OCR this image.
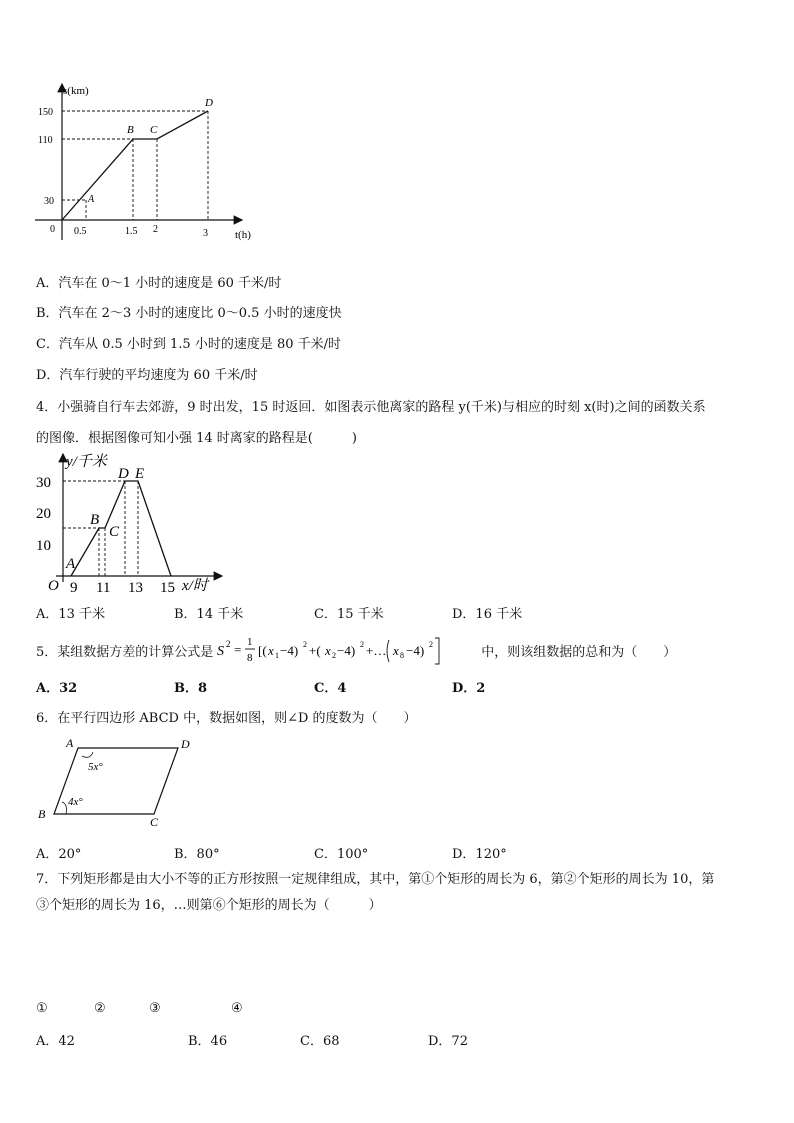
s(km)
t(h)
150
110
30
0 0.5	1.5 2	3
A
B C
D
A．汽车在 0～1 小时的速度是 60 千米/时
B．汽车在 2～3 小时的速度比 0～0.5 小时的速度快
C．汽车从 0.5 小时到 1.5 小时的速度是 80 千米/时
D．汽车行驶的平均速度为 60 千米/时
4．小强骑自行车去郊游，9 时出发，15 时返回．如图表示他离家的路程 y(千米)与相应的时刻 x(时)之间的函数关系
的图像．根据图像可知小强 14 时离家的路程是(　　　)
y/千米
x/时
30
20
10
O 9 11 13 15
A
B
C
D E
A．13 千米	B．14 千米	C．15 千米	D．16 千米
5．某组数据方差的计算公式是 S 2 = 1
8 [( x 1 −4) 2 +( x 2 −4) 2 +… x 8 −4) 2	中，则该组数据的总和为（　　）
A．32	B．8	C．4	D．2
6．在平行四边形 ABCD 中，数据如图，则∠D 的度数为（　　）
A	D
B
C
5x°
4x°
A．20°	B．80°	C．100°	D．120°
7．下列矩形都是由大小不等的正方形按照一定规律组成，其中，第①个矩形的周长为 6，第②个矩形的周长为 10，第
③个矩形的周长为 16，…则第⑥个矩形的周长为（　　　）
①	②	③	④
A．42	B．46	C．68	D．72
